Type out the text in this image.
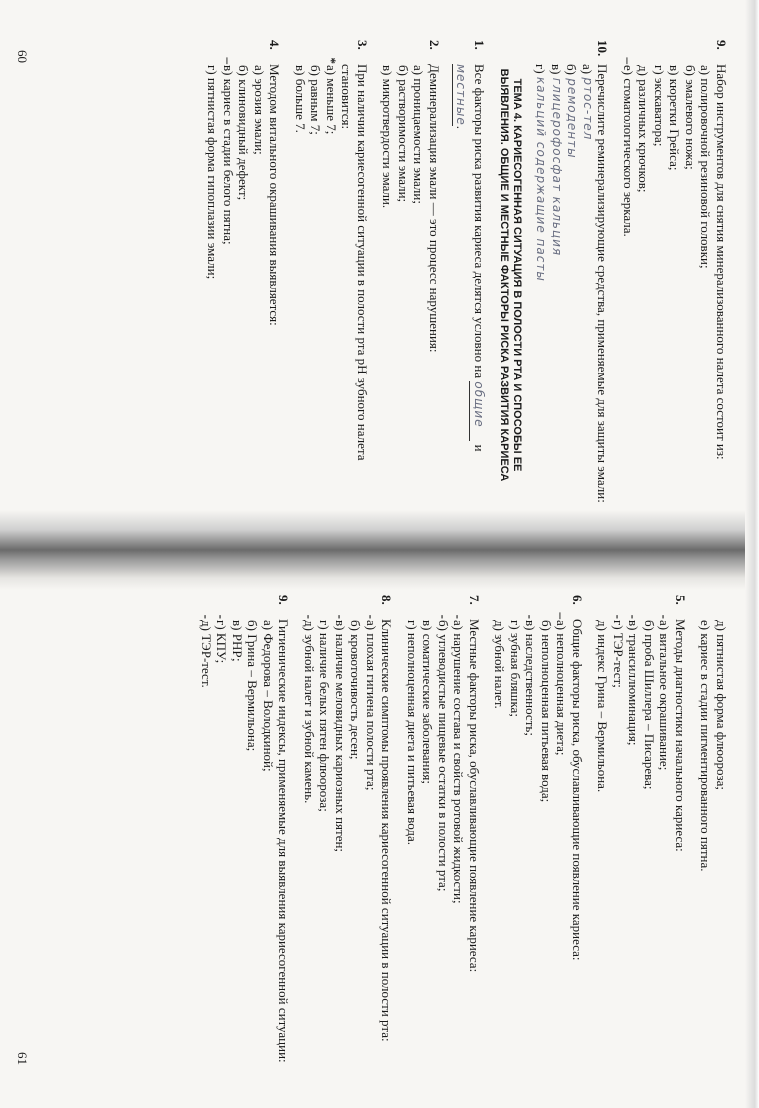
9.
Набор инструментов для снятия минерализованного налета состоит из:
а) полировочной резиновой головки;
б) эмалевого ножа;
в) кюретки Грейса;
г) экскаватора;
д) различных крючков;
–
е) стоматологического зеркала.
10.
Перечислите реминерализирующие средства, применяемые для защиты эмали:
а)

ртос-тел
б)

ремоденты
в)

глицерофосфат кальция
г)

кальций содержащие пасты
ТЕМА 4. КАРИЕСОГЕННАЯ СИТУАЦИЯ В ПОЛОСТИ РТА И СПОСОБЫ ЕЕ ВЫЯВЛЕНИЯ. ОБЩИЕ И МЕСТНЫЕ ФАКТОРЫ РИСКА РАЗВИТИЯ КАРИЕСА
1.
Все факторы риска развития кариеса делятся условно на общие и местные.
2.
Деминерализация эмали — это процесс нарушения:
а) проницаемости эмали;
б) растворимости эмали;
в) микротвердости эмали.
3.
При наличии кариесогенной ситуации в полости рта рН зубного налета становится:
*
а) меньше 7;
б) равным 7;
в) больше 7.
4.
Методом витального окрашивания выявляется:
а) эрозия эмали;
б) клиновидный дефект;
–
в) кариес в стадии белого пятна;
г) пятнистая форма гипоплазии эмали;
60
д) пятнистая форма флюороза;
е) кариес в стадии пигментированного пятна.
5.
Методы диагностики начального кариеса:
-
а) витальное окрашивание;
б) проба Шиллера – Писарева;
-
в) трансиллюминация;
-
г) ТЭР-тест;
д) индекс Грина – Вермильона.
6.
Общие факторы риска, обуславливающие появление кариеса:
–
а) неполноценная диета;
б) неполноценная питьевая вода;
-
в) наследственность;
г) зубная бляшка;
д) зубной налет.
7.
Местные факторы риска, обуславливающие появление кариеса:
-
а) нарушение состава и свойств ротовой жидкости;
-
б) углеводистые пищевые остатки в полости рта;
в) соматические заболевания;
г) неполноценная диета и питьевая вода.
8.
Клинические симптомы проявления кариесогенной ситуации в полости рта:
-
а) плохая гигиена полости рта;
б) кровоточивость десен;
-
в) наличие меловидных кариозных пятен;
г) наличие белых пятен флюороза;
-
д) зубной налет и зубной камень.
9.
Гигиенические индексы, применяемые для выявления кариесогенной ситуации:
а) Федорова – Володкиной;
б) Грина – Вермильона;
в) РНР;
-
г) КПУ;
-
д) ТЭР-тест.
61
